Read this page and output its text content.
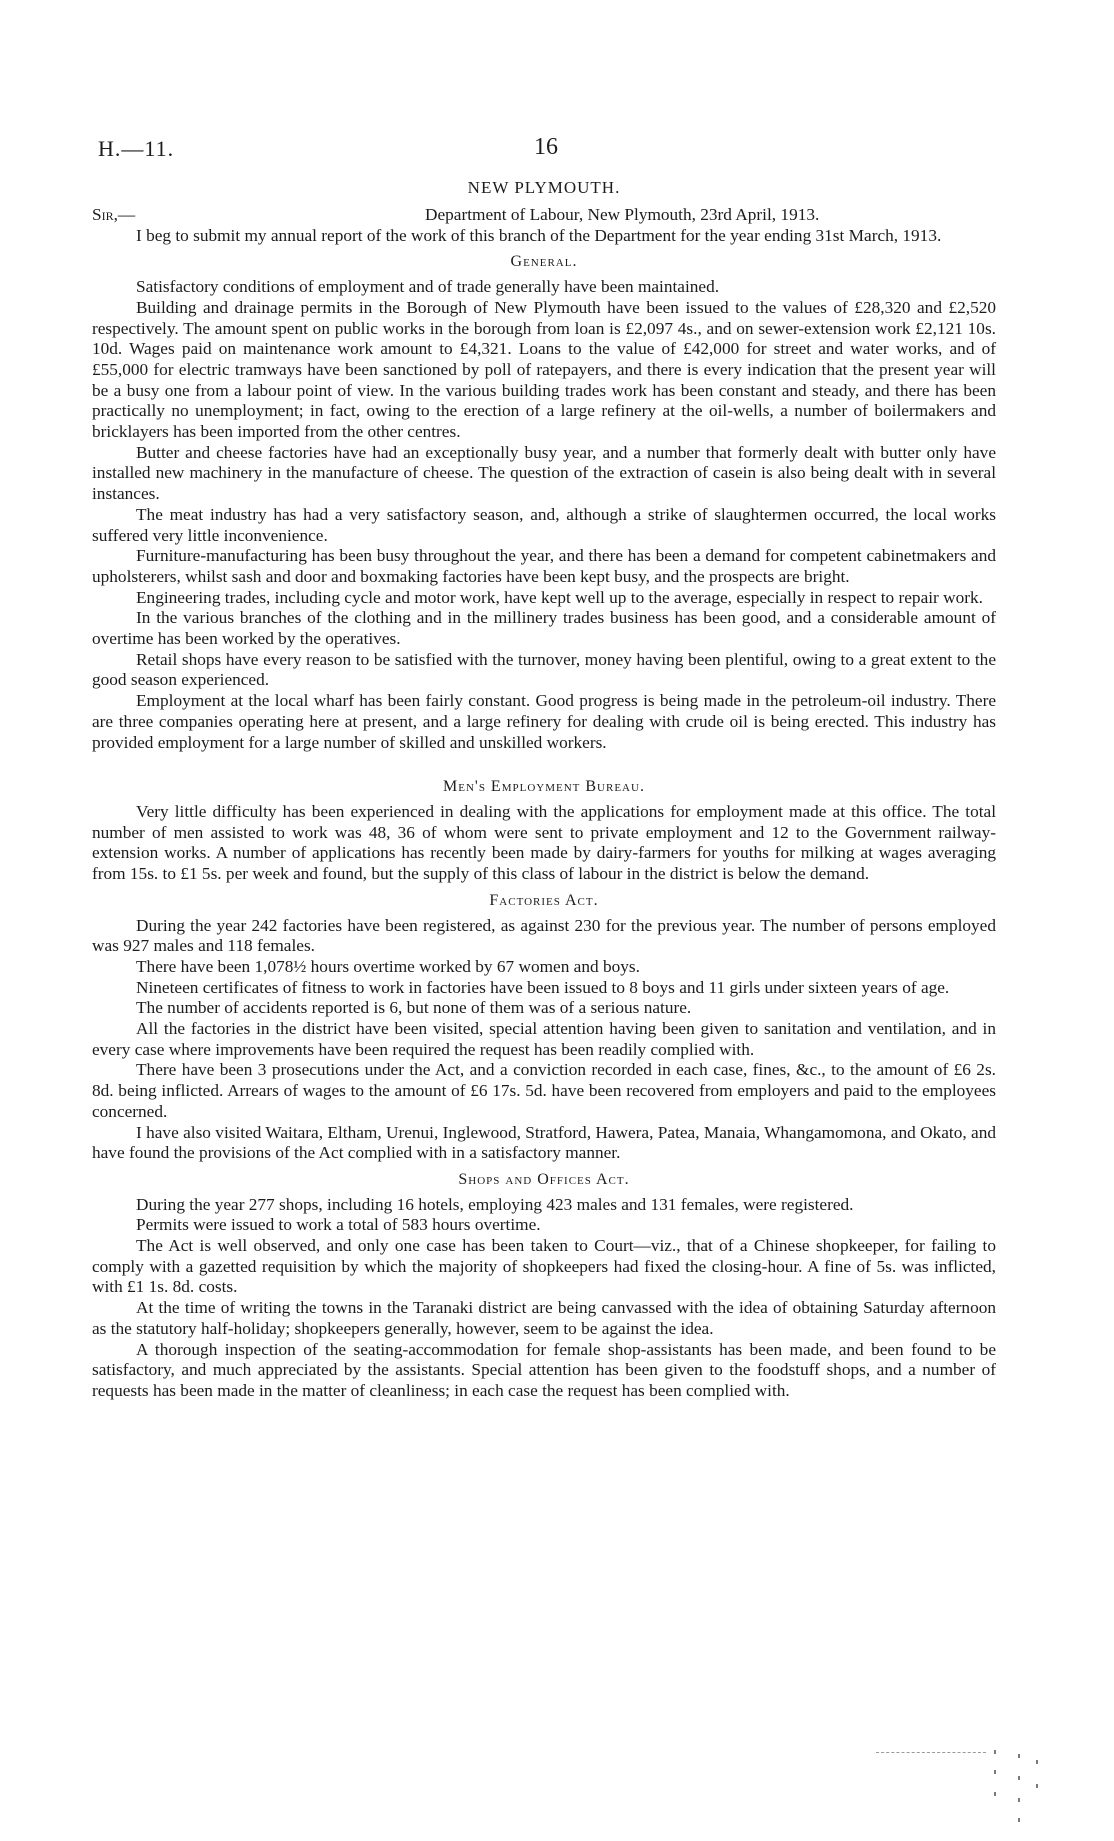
H.—11.	16
NEW PLYMOUTH.
Sir,—	Department of Labour, New Plymouth, 23rd April, 1913.

I beg to submit my annual report of the work of this branch of the Department for the year ending 31st March, 1913.

General.

Satisfactory conditions of employment and of trade generally have been maintained.

Building and drainage permits in the Borough of New Plymouth have been issued to the values of £28,320 and £2,520 respectively. The amount spent on public works in the borough from loan is £2,097 4s., and on sewer-extension work £2,121 10s. 10d. Wages paid on maintenance work amount to £4,321. Loans to the value of £42,000 for street and water works, and of £55,000 for electric tramways have been sanctioned by poll of ratepayers, and there is every indication that the present year will be a busy one from a labour point of view. In the various building trades work has been constant and steady, and there has been practically no unemployment; in fact, owing to the erection of a large refinery at the oil-wells, a number of boilermakers and bricklayers has been imported from the other centres.

Butter and cheese factories have had an exceptionally busy year, and a number that formerly dealt with butter only have installed new machinery in the manufacture of cheese. The question of the extraction of casein is also being dealt with in several instances.

The meat industry has had a very satisfactory season, and, although a strike of slaughtermen occurred, the local works suffered very little inconvenience.

Furniture-manufacturing has been busy throughout the year, and there has been a demand for competent cabinetmakers and upholsterers, whilst sash and door and boxmaking factories have been kept busy, and the prospects are bright.

Engineering trades, including cycle and motor work, have kept well up to the average, especially in respect to repair work.

In the various branches of the clothing and in the millinery trades business has been good, and a considerable amount of overtime has been worked by the operatives.

Retail shops have every reason to be satisfied with the turnover, money having been plentiful, owing to a great extent to the good season experienced.

Employment at the local wharf has been fairly constant. Good progress is being made in the petroleum-oil industry. There are three companies operating here at present, and a large refinery for dealing with crude oil is being erected. This industry has provided employment for a large number of skilled and unskilled workers.

Men's Employment Bureau.

Very little difficulty has been experienced in dealing with the applications for employment made at this office. The total number of men assisted to work was 48, 36 of whom were sent to private employment and 12 to the Government railway-extension works. A number of applications has recently been made by dairy-farmers for youths for milking at wages averaging from 15s. to £1 5s. per week and found, but the supply of this class of labour in the district is below the demand.

Factories Act.

During the year 242 factories have been registered, as against 230 for the previous year. The number of persons employed was 927 males and 118 females.

There have been 1,078½ hours overtime worked by 67 women and boys.

Nineteen certificates of fitness to work in factories have been issued to 8 boys and 11 girls under sixteen years of age.

The number of accidents reported is 6, but none of them was of a serious nature.

All the factories in the district have been visited, special attention having been given to sanitation and ventilation, and in every case where improvements have been required the request has been readily complied with.

There have been 3 prosecutions under the Act, and a conviction recorded in each case, fines, &c., to the amount of £6 2s. 8d. being inflicted. Arrears of wages to the amount of £6 17s. 5d. have been recovered from employers and paid to the employees concerned.

I have also visited Waitara, Eltham, Urenui, Inglewood, Stratford, Hawera, Patea, Manaia, Whangamomona, and Okato, and have found the provisions of the Act complied with in a satisfactory manner.

Shops and Offices Act.

During the year 277 shops, including 16 hotels, employing 423 males and 131 females, were registered.

Permits were issued to work a total of 583 hours overtime.

The Act is well observed, and only one case has been taken to Court—viz., that of a Chinese shopkeeper, for failing to comply with a gazetted requisition by which the majority of shopkeepers had fixed the closing-hour. A fine of 5s. was inflicted, with £1 1s. 8d. costs.

At the time of writing the towns in the Taranaki district are being canvassed with the idea of obtaining Saturday afternoon as the statutory half-holiday; shopkeepers generally, however, seem to be against the idea.

A thorough inspection of the seating-accommodation for female shop-assistants has been made, and been found to be satisfactory, and much appreciated by the assistants. Special attention has been given to the foodstuff shops, and a number of requests has been made in the matter of cleanliness; in each case the request has been complied with.
